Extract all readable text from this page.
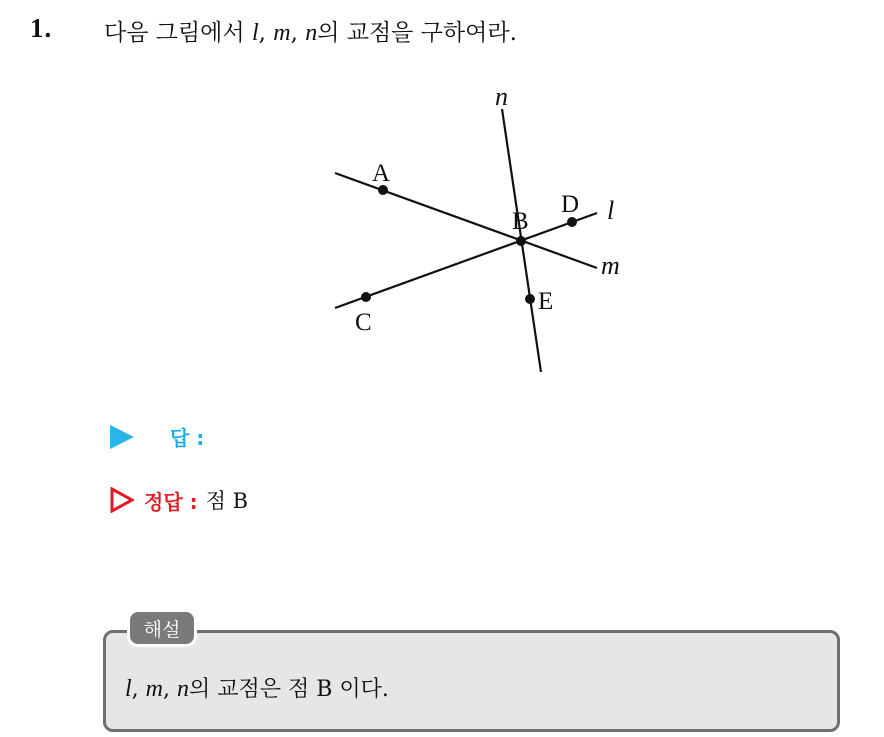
1. 다음 그림에서 l, m, n의 교점을 구하여라.
A
B
C
D
E
n
l
m
답 :
정답 : 점 B
해설
l, m, n의 교점은 점 B 이다.
